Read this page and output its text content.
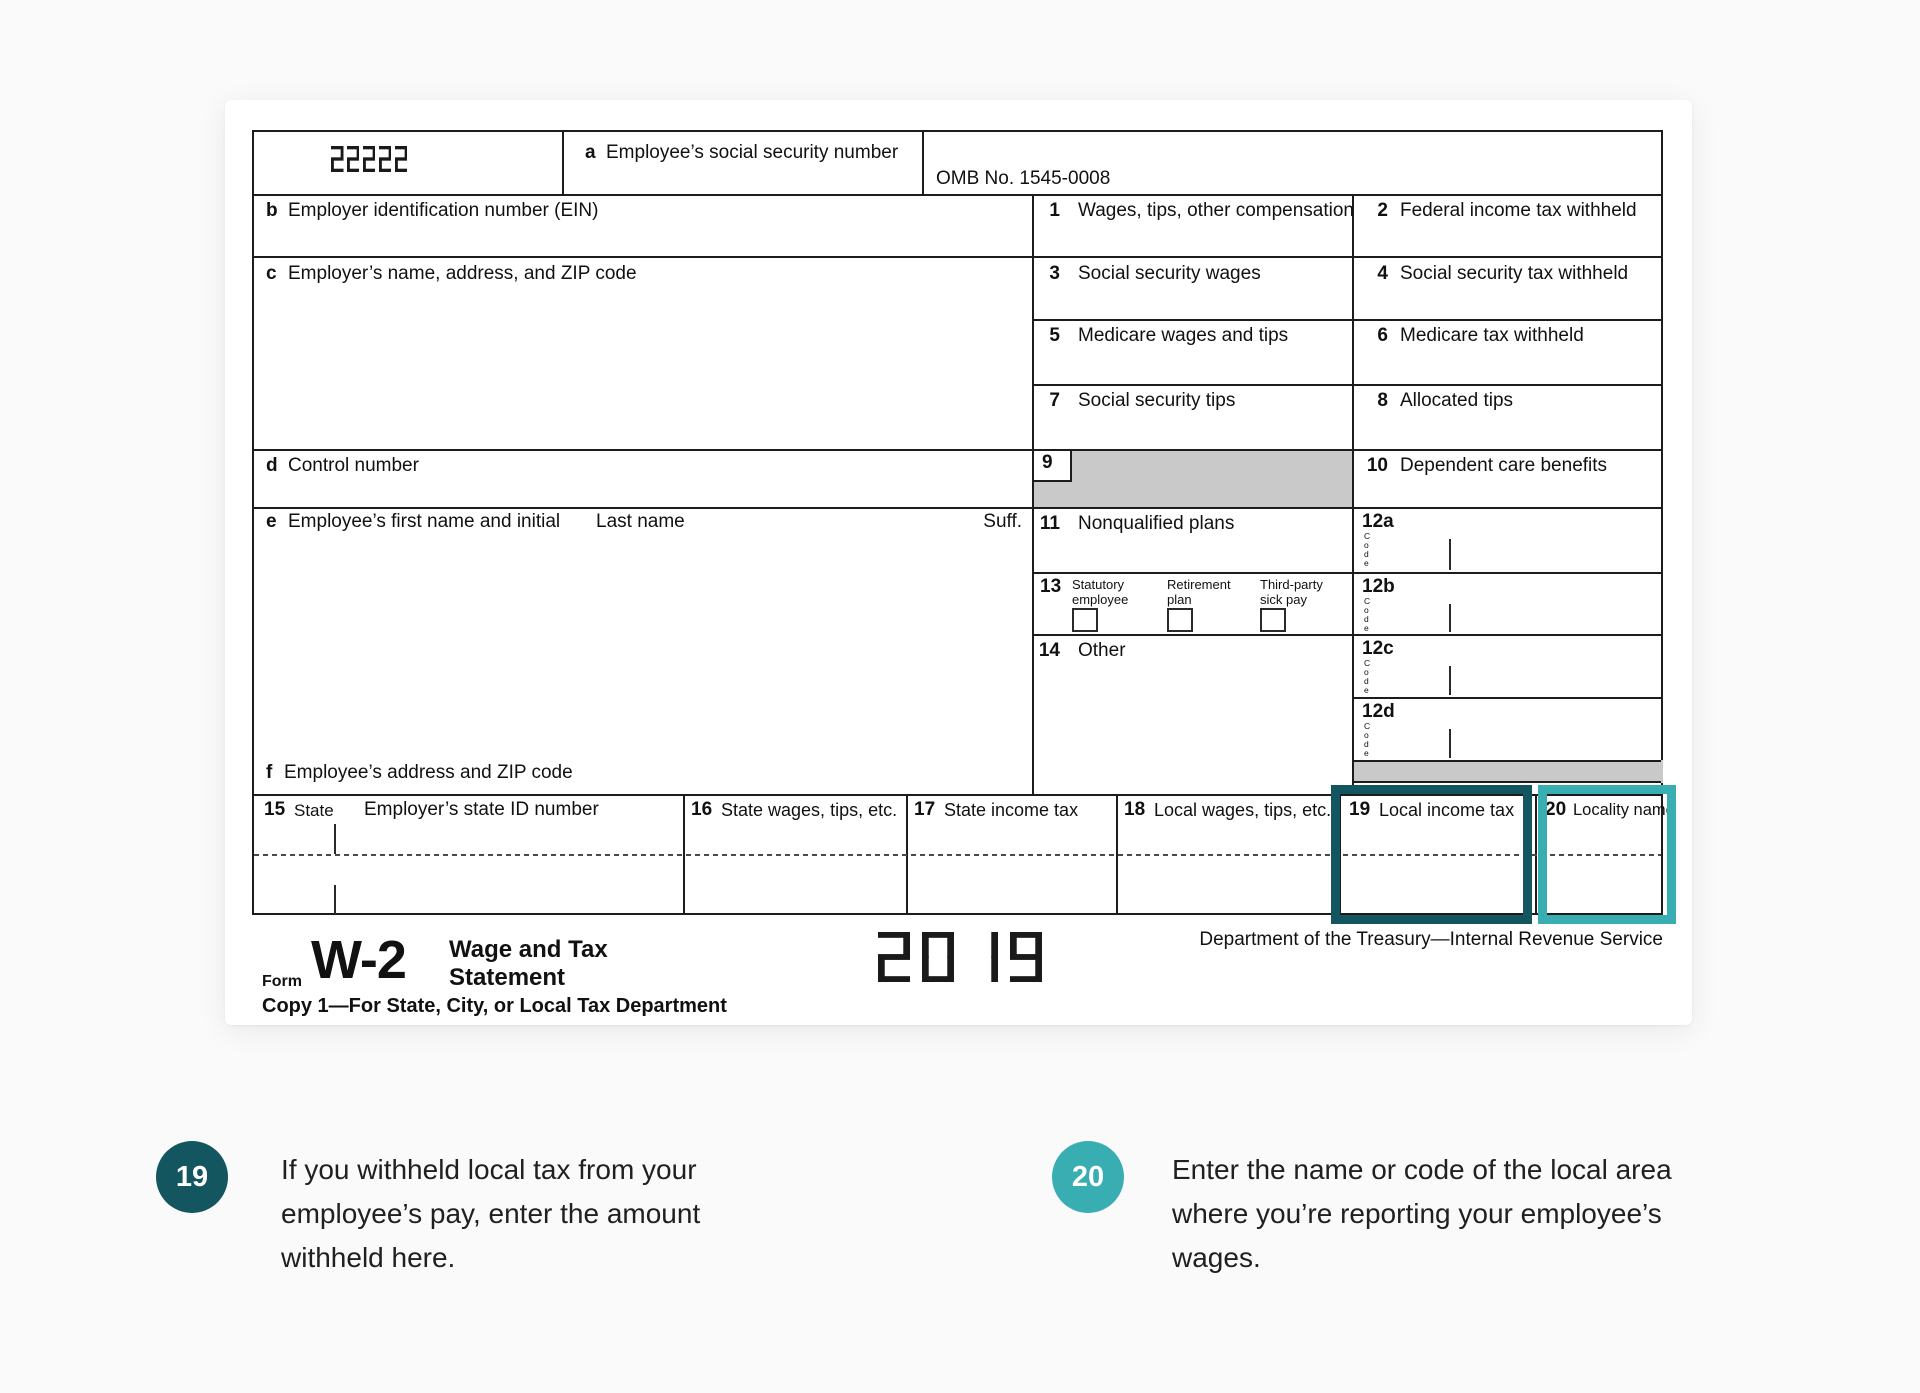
9
a Employee’s social security number
OMB No. 1545-0008
b Employer identification number (EIN)
c Employer’s name, address, and ZIP code
d Control number
e Employee’s first name and initial Last name	Suff.
f Employee’s address and ZIP code
1 Wages, tips, other compensation	2 Federal income tax withheld
3 Social security wages	4 Social security tax withheld
5 Medicare wages and tips	6 Medicare tax withheld
7 Social security tips	8 Allocated tips
10 Dependent care benefits
11 Nonqualified plans	12a
Code
12b
Code
12c
Code
12d
Code
13 Statutory
employee
Retirement
plan
Third-party
sick pay
14 Other
15 State Employer’s state ID number	16 State wages, tips, etc. 17 State income tax 18 Local wages, tips, etc. 19 Local income tax 20 Locality name
Department of the Treasury—Internal Revenue Service
Form W-2 Wage and Tax
Statement
Copy 1—For State, City, or Local Tax Department
19	If you withheld local tax from your
employee’s pay, enter the amount
withheld here.
20 Enter the name or code of the local area
where you’re reporting your employee’s
wages.
